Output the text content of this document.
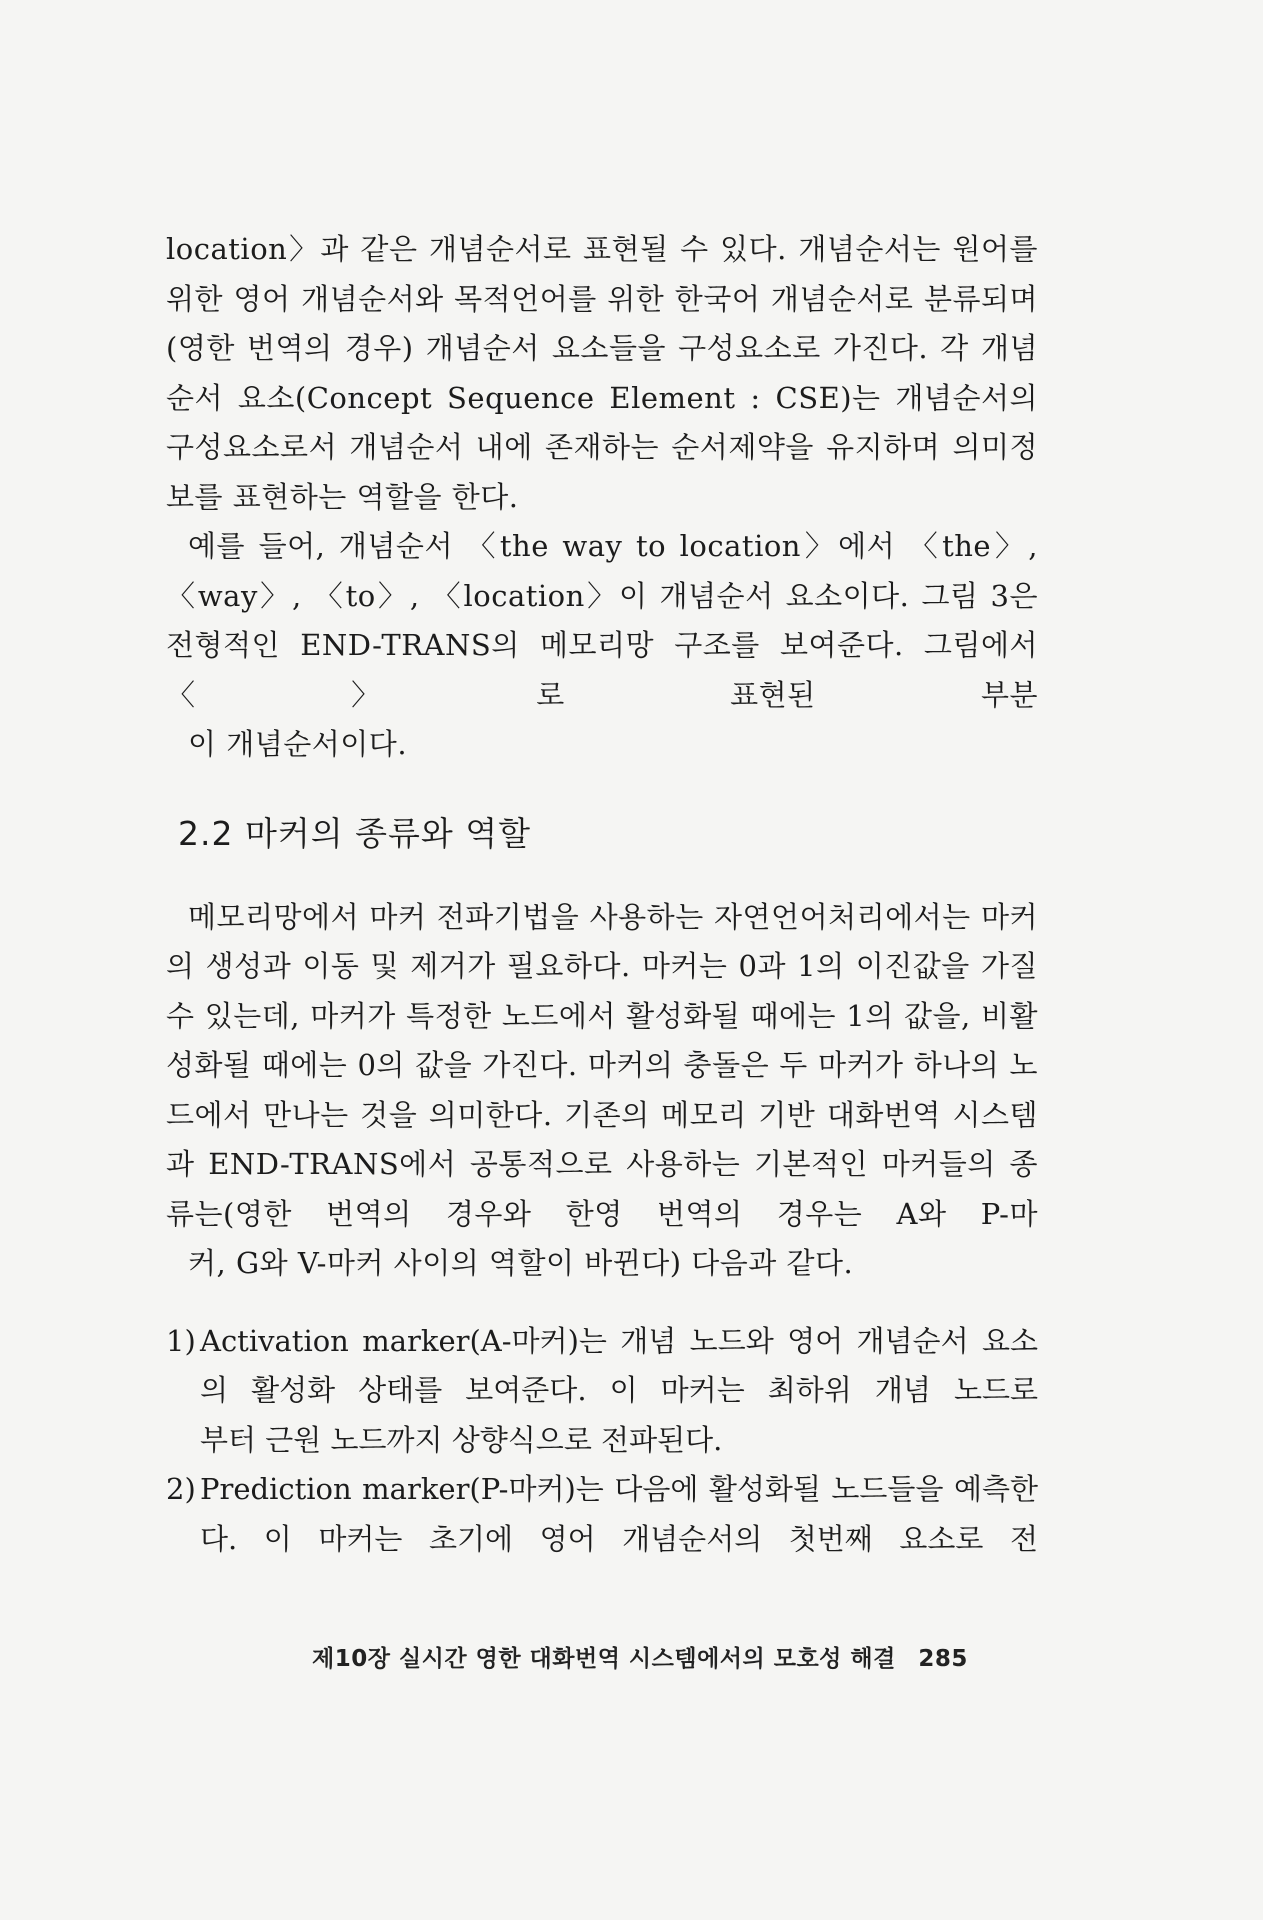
location〉과 같은 개념순서로 표현될 수 있다. 개념순서는 원어를 위한 영어 개념순서와 목적언어를 위한 한국어 개념순서로 분류되며(영한 번역의 경우) 개념순서 요소들을 구성요소로 가진다. 각 개념순서 요소(Concept Sequence Element : CSE)는 개념순서의 구성요소로서 개념순서 내에 존재하는 순서제약을 유지하며 의미정
보를 표현하는 역할을 한다.

예를 들어, 개념순서 〈the way to location〉에서 〈the〉, 〈way〉, 〈to〉, 〈location〉이 개념순서 요소이다. 그림 3은 전형적인 END-TRANS의 메모리망 구조를 보여준다. 그림에서 〈〉로 표현된 부분
이 개념순서이다.

2.2 마커의 종류와 역할

메모리망에서 마커 전파기법을 사용하는 자연언어처리에서는 마커의 생성과 이동 및 제거가 필요하다. 마커는 0과 1의 이진값을 가질 수 있는데, 마커가 특정한 노드에서 활성화될 때에는 1의 값을, 비활성화될 때에는 0의 값을 가진다. 마커의 충돌은 두 마커가 하나의 노드에서 만나는 것을 의미한다. 기존의 메모리 기반 대화번역 시스템과 END-TRANS에서 공통적으로 사용하는 기본적인 마커들의 종류는(영한 번역의 경우와 한영 번역의 경우는 A와 P-마
커, G와 V-마커 사이의 역할이 바뀐다) 다음과 같다.

1) Activation marker(A-마커)는 개념 노드와 영어 개념순서 요소의 활성화 상태를 보여준다. 이 마커는 최하위 개념 노드로
부터 근원 노드까지 상향식으로 전파된다.
2) Prediction marker(P-마커)는 다음에 활성화될 노드들을 예측한다. 이 마커는 초기에 영어 개념순서의 첫번째 요소로 전
제10장 실시간 영한 대화번역 시스템에서의 모호성 해결 285
